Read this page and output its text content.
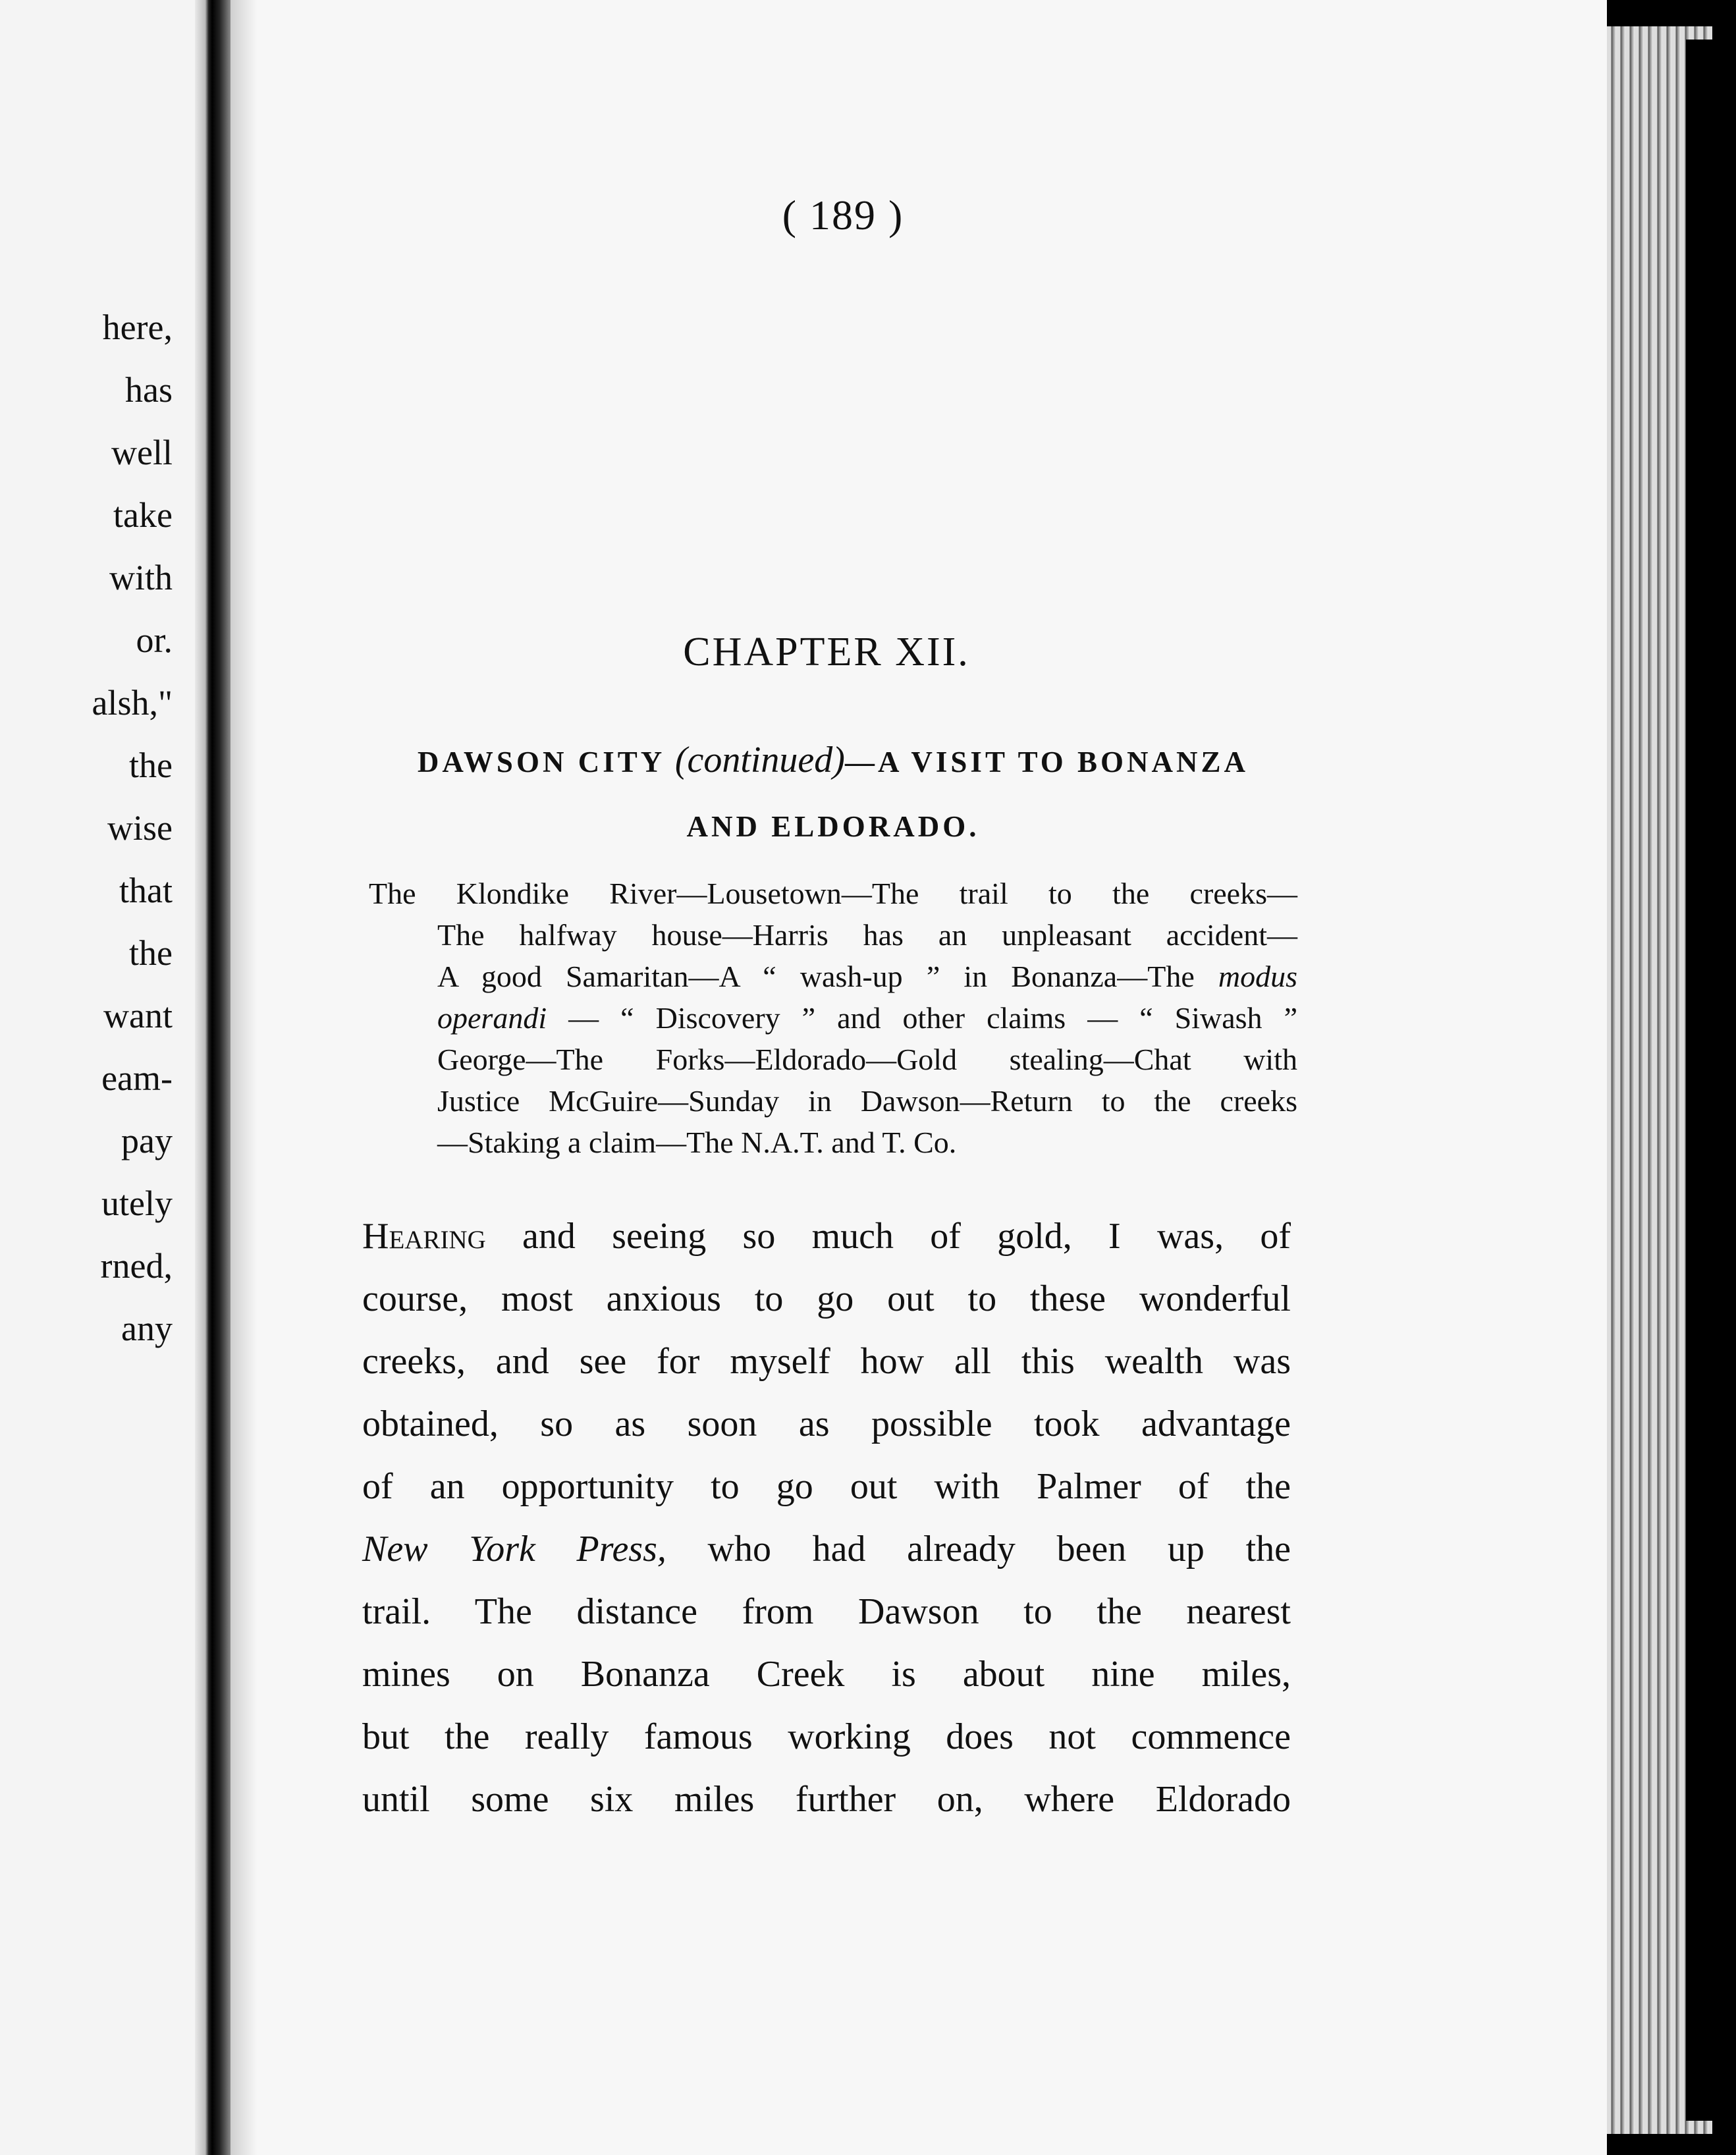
here,
has
well
take
with
or.
alsh,"
the
wise
that
the
want
eam-
pay
utely
rned,
any
( 189 )
CHAPTER XII.
DAWSON CITY (continued)—A VISIT TO BONANZA
AND ELDORADO.
The Klondike River—Lousetown—The trail to the creeks—
The halfway house—Harris has an unpleasant accident—
A good Samaritan—A “ wash-up ” in Bonanza—The modus
operandi — “ Discovery ” and other claims — “ Siwash ”
George—The Forks—Eldorado—Gold stealing—Chat with
Justice McGuire—Sunday in Dawson—Return to the creeks
—Staking a claim—The N.A.T. and T. Co.
Hearing and seeing so much of gold, I was, of
course, most anxious to go out to these wonderful
creeks, and see for myself how all this wealth was
obtained, so as soon as possible took advantage
of an opportunity to go out with Palmer of the
New York Press, who had already been up the
trail. The distance from Dawson to the nearest
mines on Bonanza Creek is about nine miles,
but the really famous working does not commence
until some six miles further on, where Eldorado
